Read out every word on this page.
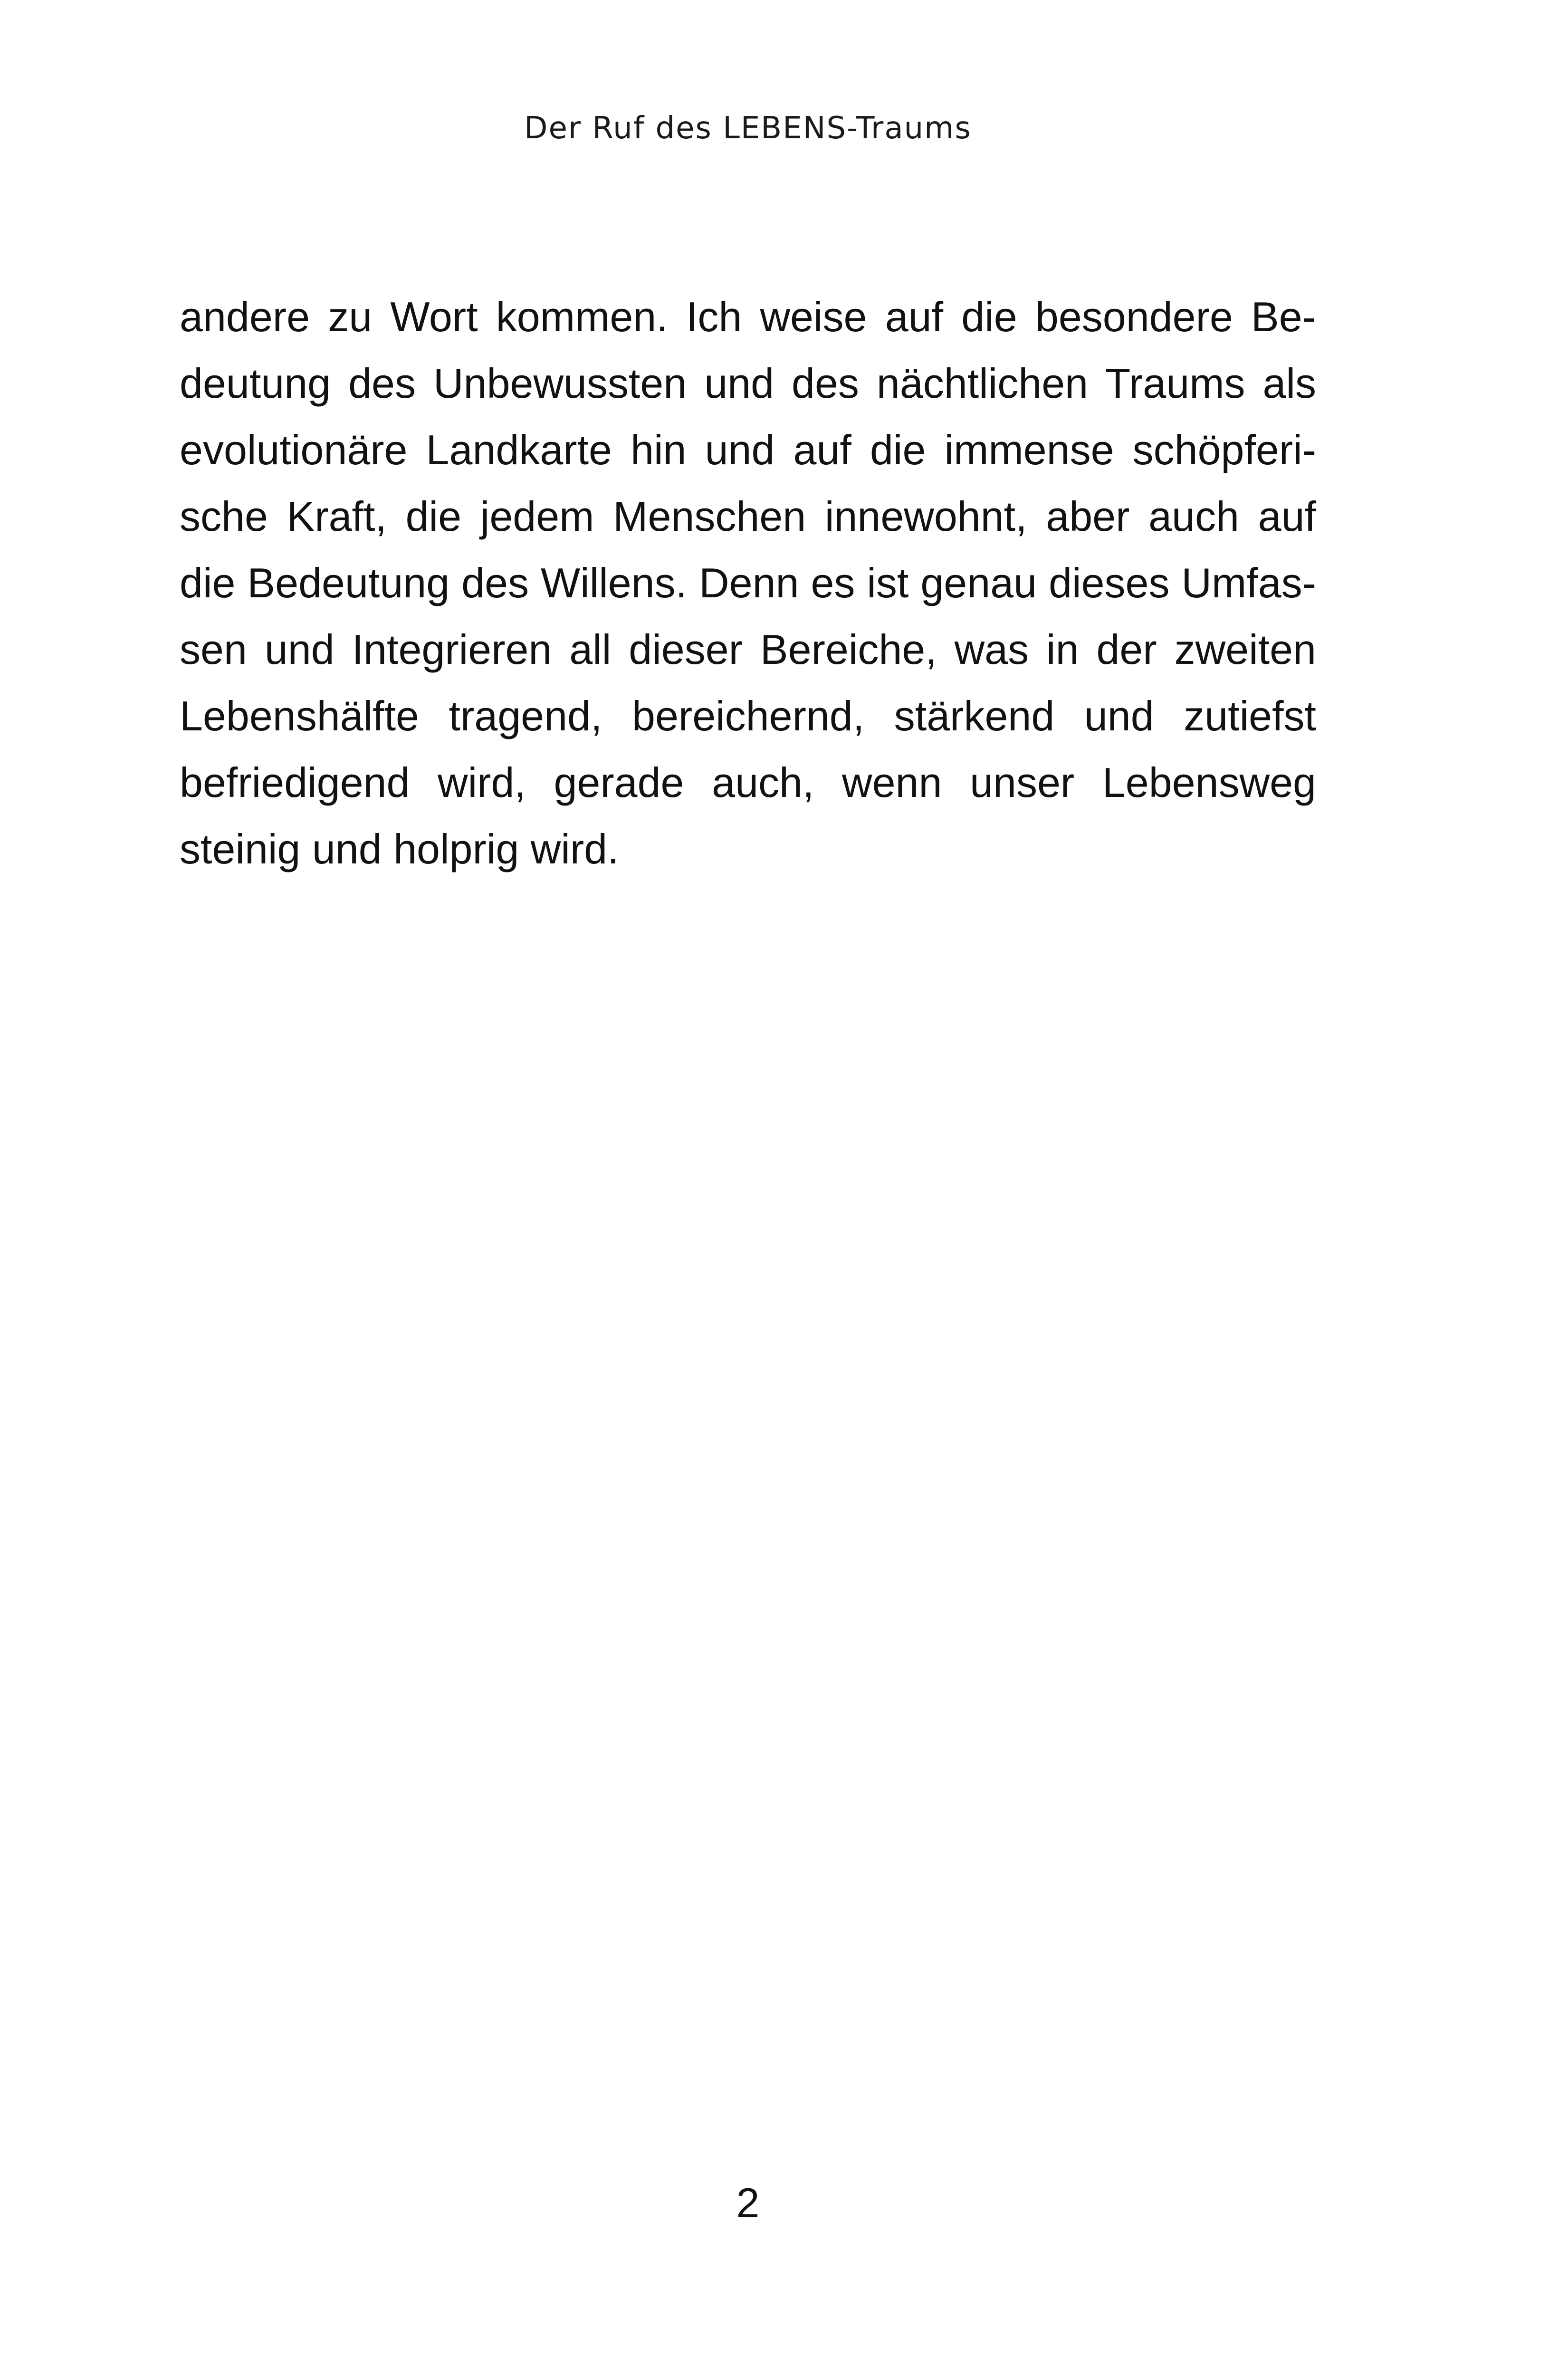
Der Ruf des LEBENS-Traums
andere zu Wort kommen. Ich weise auf die besondere Be-
deutung des Unbewussten und des nächtlichen Traums als
evolutionäre Landkarte hin und auf die immense schöpferi-
sche Kraft, die jedem Menschen innewohnt, aber auch auf
die Bedeutung des Willens. Denn es ist genau dieses Umfas-
sen und Integrieren all dieser Bereiche, was in der zweiten
Lebenshälfte tragend, bereichernd, stärkend und zutiefst
befriedigend wird, gerade auch, wenn unser Lebensweg
steinig und holprig wird.
2
